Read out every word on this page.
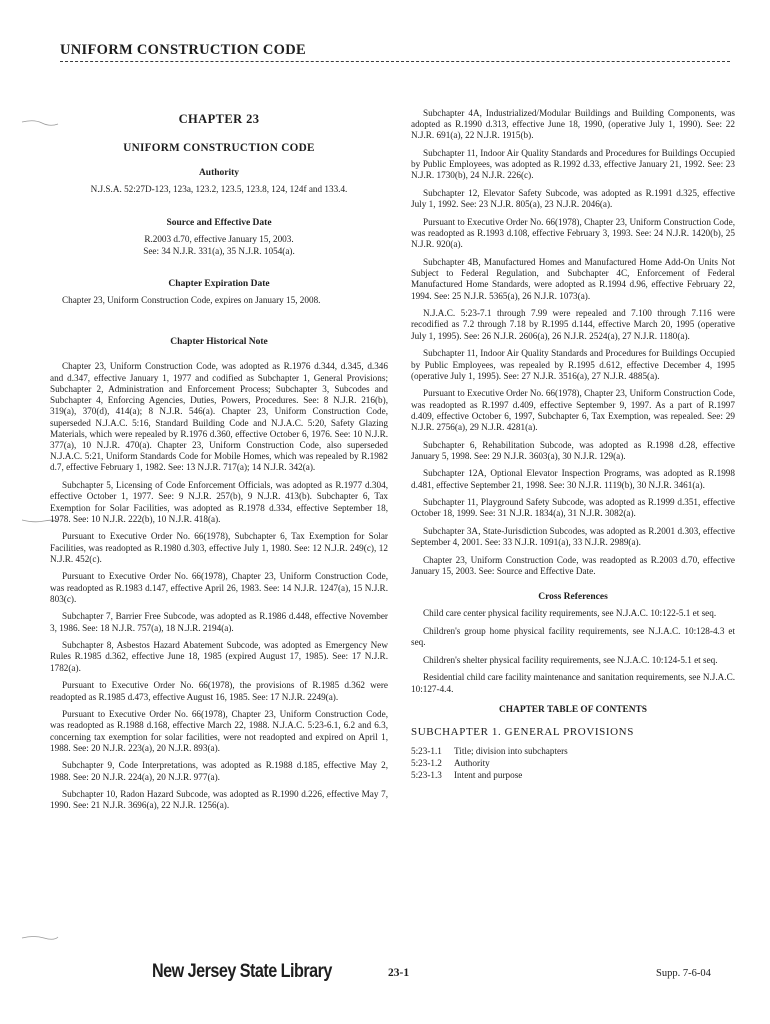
UNIFORM CONSTRUCTION CODE
CHAPTER 23
UNIFORM CONSTRUCTION CODE
Authority
N.J.S.A. 52:27D-123, 123a, 123.2, 123.5, 123.8, 124, 124f and 133.4.
Source and Effective Date
R.2003 d.70, effective January 15, 2003.
See: 34 N.J.R. 331(a), 35 N.J.R. 1054(a).
Chapter Expiration Date

Chapter 23, Uniform Construction Code, expires on January 15, 2008.

Chapter Historical Note

Chapter 23, Uniform Construction Code, was adopted as R.1976 d.344, d.345, d.346 and d.347, effective January 1, 1977 and codified as Subchapter 1, General Provisions; Subchapter 2, Administration and Enforcement Process; Subchapter 3, Subcodes and Subchapter 4, Enforcing Agencies, Duties, Powers, Procedures. See: 8 N.J.R. 216(b), 319(a), 370(d), 414(a); 8 N.J.R. 546(a). Chapter 23, Uniform Construction Code, superseded N.J.A.C. 5:16, Standard Building Code and N.J.A.C. 5:20, Safety Glazing Materials, which were repealed by R.1976 d.360, effective October 6, 1976. See: 10 N.J.R. 377(a), 10 N.J.R. 470(a). Chapter 23, Uniform Construction Code, also superseded N.J.A.C. 5:21, Uniform Standards Code for Mobile Homes, which was repealed by R.1982 d.7, effective February 1, 1982. See: 13 N.J.R. 717(a); 14 N.J.R. 342(a).

Subchapter 5, Licensing of Code Enforcement Officials, was adopted as R.1977 d.304, effective October 1, 1977. See: 9 N.J.R. 257(b), 9 N.J.R. 413(b). Subchapter 6, Tax Exemption for Solar Facilities, was adopted as R.1978 d.334, effective September 18, 1978. See: 10 N.J.R. 222(b), 10 N.J.R. 418(a).

Pursuant to Executive Order No. 66(1978), Subchapter 6, Tax Exemption for Solar Facilities, was readopted as R.1980 d.303, effective July 1, 1980. See: 12 N.J.R. 249(c), 12 N.J.R. 452(c).

Pursuant to Executive Order No. 66(1978), Chapter 23, Uniform Construction Code, was readopted as R.1983 d.147, effective April 26, 1983. See: 14 N.J.R. 1247(a), 15 N.J.R. 803(c).

Subchapter 7, Barrier Free Subcode, was adopted as R.1986 d.448, effective November 3, 1986. See: 18 N.J.R. 757(a), 18 N.J.R. 2194(a).

Subchapter 8, Asbestos Hazard Abatement Subcode, was adopted as Emergency New Rules R.1985 d.362, effective June 18, 1985 (expired August 17, 1985). See: 17 N.J.R. 1782(a).

Pursuant to Executive Order No. 66(1978), the provisions of R.1985 d.362 were readopted as R.1985 d.473, effective August 16, 1985. See: 17 N.J.R. 2249(a).

Pursuant to Executive Order No. 66(1978), Chapter 23, Uniform Construction Code, was readopted as R.1988 d.168, effective March 22, 1988. N.J.A.C. 5:23-6.1, 6.2 and 6.3, concerning tax exemption for solar facilities, were not readopted and expired on April 1, 1988. See: 20 N.J.R. 223(a), 20 N.J.R. 893(a).

Subchapter 9, Code Interpretations, was adopted as R.1988 d.185, effective May 2, 1988. See: 20 N.J.R. 224(a), 20 N.J.R. 977(a).

Subchapter 10, Radon Hazard Subcode, was adopted as R.1990 d.226, effective May 7, 1990. See: 21 N.J.R. 3696(a), 22 N.J.R. 1256(a).

Subchapter 4A, Industrialized/Modular Buildings and Building Components, was adopted as R.1990 d.313, effective June 18, 1990, (operative July 1, 1990). See: 22 N.J.R. 691(a), 22 N.J.R. 1915(b).

Subchapter 11, Indoor Air Quality Standards and Procedures for Buildings Occupied by Public Employees, was adopted as R.1992 d.33, effective January 21, 1992. See: 23 N.J.R. 1730(b), 24 N.J.R. 226(c).

Subchapter 12, Elevator Safety Subcode, was adopted as R.1991 d.325, effective July 1, 1992. See: 23 N.J.R. 805(a), 23 N.J.R. 2046(a).

Pursuant to Executive Order No. 66(1978), Chapter 23, Uniform Construction Code, was readopted as R.1993 d.108, effective February 3, 1993. See: 24 N.J.R. 1420(b), 25 N.J.R. 920(a).

Subchapter 4B, Manufactured Homes and Manufactured Home Add-On Units Not Subject to Federal Regulation, and Subchapter 4C, Enforcement of Federal Manufactured Home Standards, were adopted as R.1994 d.96, effective February 22, 1994. See: 25 N.J.R. 5365(a), 26 N.J.R. 1073(a).

N.J.A.C. 5:23-7.1 through 7.99 were repealed and 7.100 through 7.116 were recodified as 7.2 through 7.18 by R.1995 d.144, effective March 20, 1995 (operative July 1, 1995). See: 26 N.J.R. 2606(a), 26 N.J.R. 2524(a), 27 N.J.R. 1180(a).

Subchapter 11, Indoor Air Quality Standards and Procedures for Buildings Occupied by Public Employees, was repealed by R.1995 d.612, effective December 4, 1995 (operative July 1, 1995). See: 27 N.J.R. 3516(a), 27 N.J.R. 4885(a).

Pursuant to Executive Order No. 66(1978), Chapter 23, Uniform Construction Code, was readopted as R.1997 d.409, effective September 9, 1997. As a part of R.1997 d.409, effective October 6, 1997, Subchapter 6, Tax Exemption, was repealed. See: 29 N.J.R. 2756(a), 29 N.J.R. 4281(a).

Subchapter 6, Rehabilitation Subcode, was adopted as R.1998 d.28, effective January 5, 1998. See: 29 N.J.R. 3603(a), 30 N.J.R. 129(a).

Subchapter 12A, Optional Elevator Inspection Programs, was adopted as R.1998 d.481, effective September 21, 1998. See: 30 N.J.R. 1119(b), 30 N.J.R. 3461(a).

Subchapter 11, Playground Safety Subcode, was adopted as R.1999 d.351, effective October 18, 1999. See: 31 N.J.R. 1834(a), 31 N.J.R. 3082(a).

Subchapter 3A, State-Jurisdiction Subcodes, was adopted as R.2001 d.303, effective September 4, 2001. See: 33 N.J.R. 1091(a), 33 N.J.R. 2989(a).

Chapter 23, Uniform Construction Code, was readopted as R.2003 d.70, effective January 15, 2003. See: Source and Effective Date.

Cross References

Child care center physical facility requirements, see N.J.A.C. 10:122-5.1 et seq.

Children's group home physical facility requirements, see N.J.A.C. 10:128-4.3 et seq.

Children's shelter physical facility requirements, see N.J.A.C. 10:124-5.1 et seq.

Residential child care facility maintenance and sanitation requirements, see N.J.A.C. 10:127-4.4.

CHAPTER TABLE OF CONTENTS
SUBCHAPTER 1. GENERAL PROVISIONS
5:23-1.1	Title; division into subchapters
5:23-1.2	Authority
5:23-1.3	Intent and purpose
New Jersey State Library	23-1	Supp. 7-6-04
